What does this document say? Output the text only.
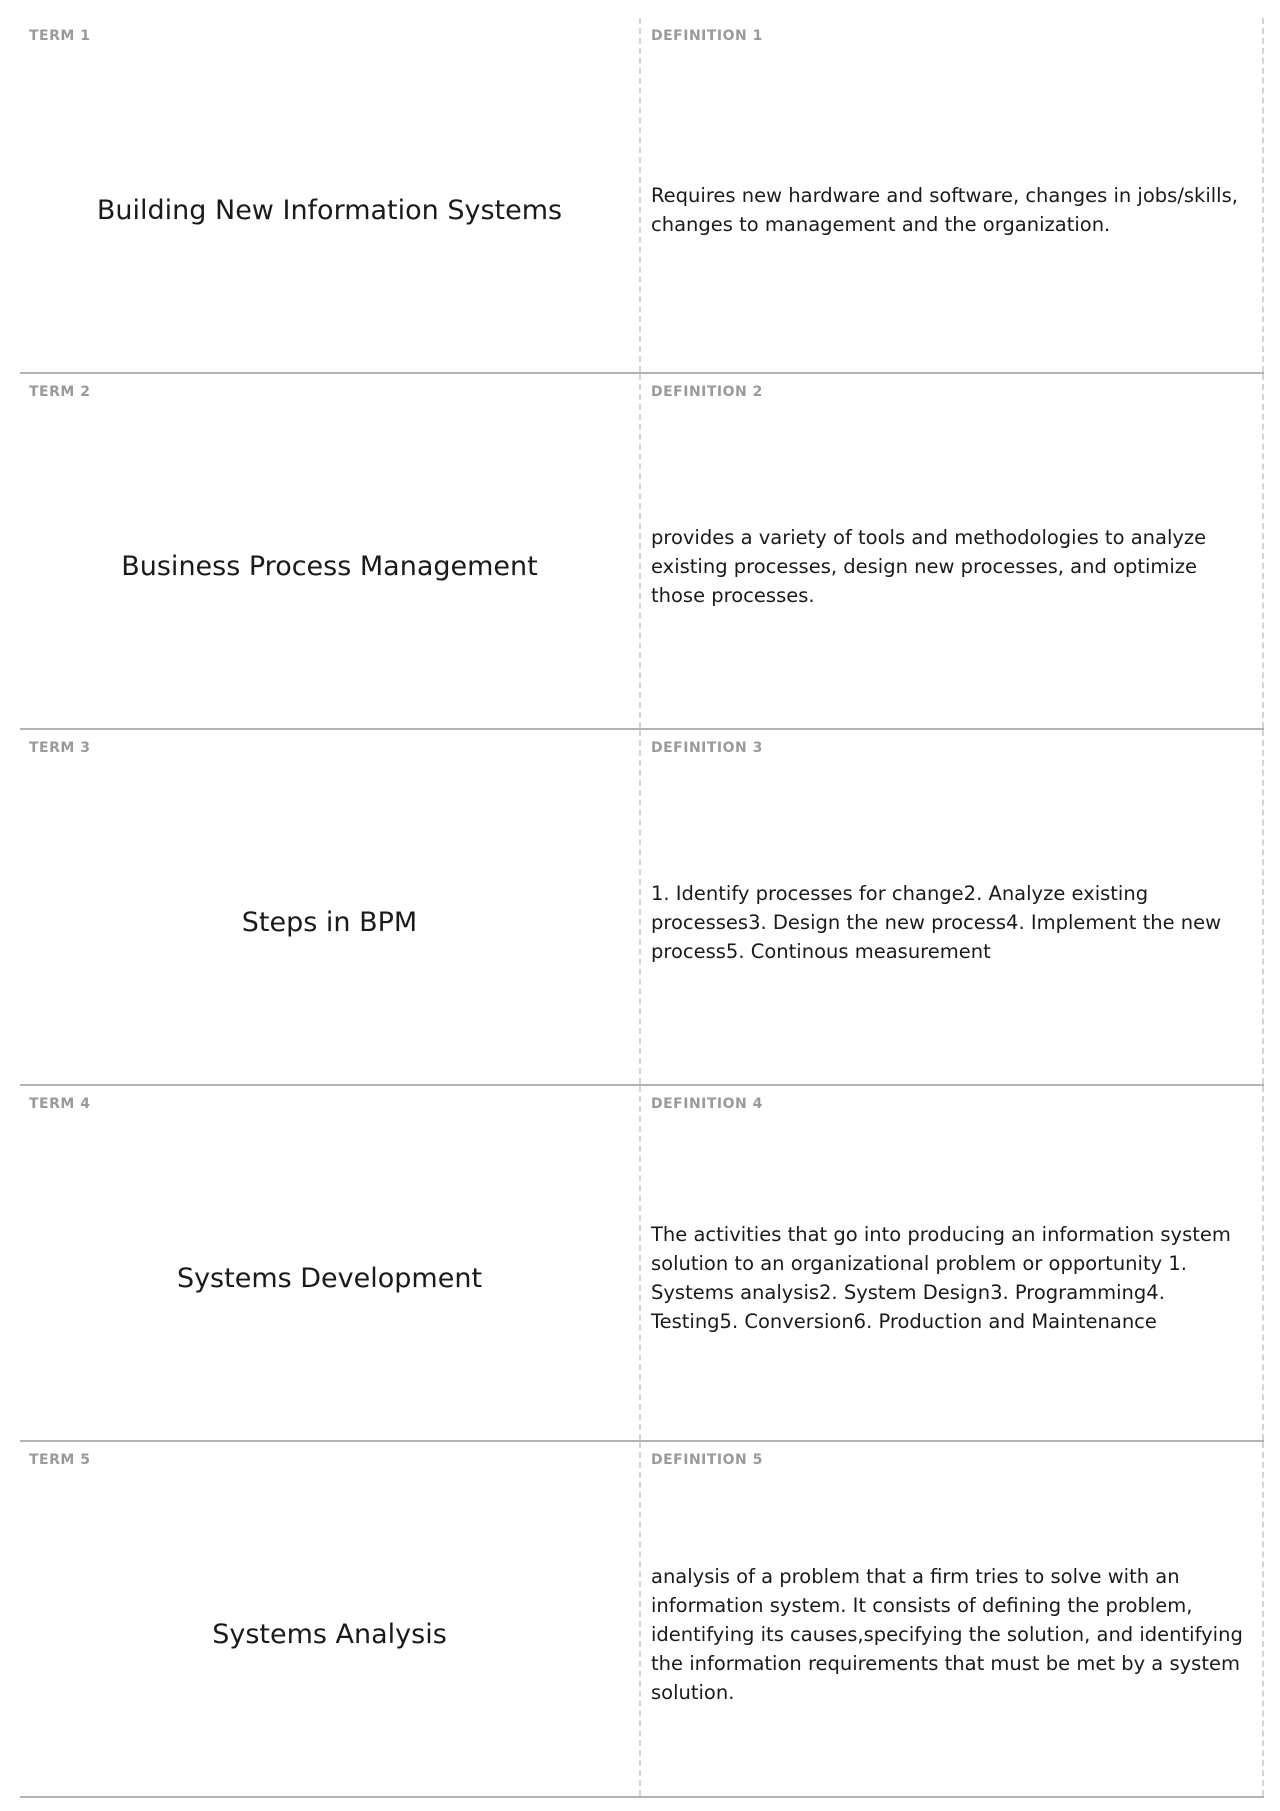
TERM 1
Building New Information Systems
DEFINITION 1
Requires new hardware and software, changes in jobs/skills, changes to management and the organization.
TERM 2
Business Process Management
DEFINITION 2
provides a variety of tools and methodologies to analyze existing processes, design new processes, and optimize those processes.
TERM 3
Steps in BPM
DEFINITION 3
1. Identify processes for change2. Analyze existing processes3. Design the new process4. Implement the new process5. Continous measurement
TERM 4
Systems Development
DEFINITION 4
The activities that go into producing an information system solution to an organizational problem or opportunity 1. Systems analysis2. System Design3. Programming4. Testing5. Conversion6. Production and Maintenance
TERM 5
Systems Analysis
DEFINITION 5
analysis of a problem that a firm tries to solve with an information system. It consists of defining the problem, identifying its causes,specifying the solution, and identifying the information requirements that must be met by a system solution.
